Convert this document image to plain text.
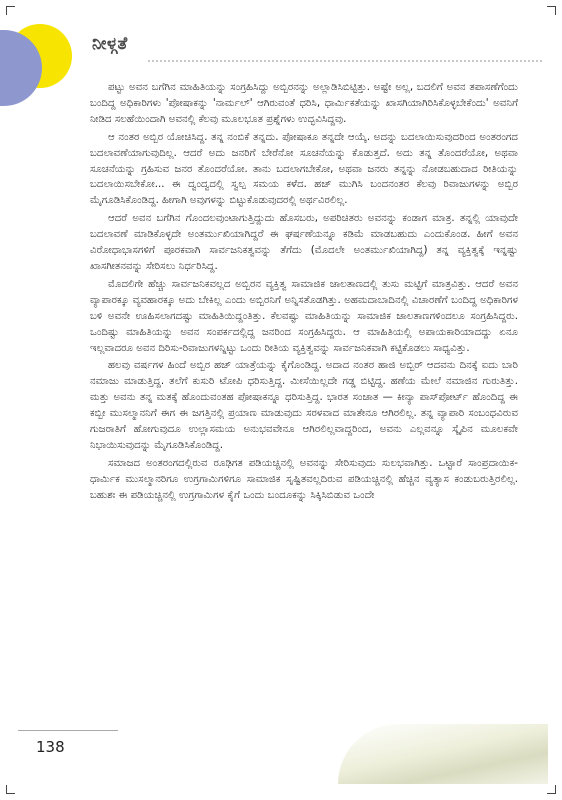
ನೀಳ್ಗತೆ

ಪಟ್ಟು ಅವನ ಬಗೆಗಿನ ಮಾಹಿತಿಯನ್ನು ಸಂಗ್ರಹಿಸಿದ್ದು ಅಬ್ಬಿರನನ್ನು ಅಲ್ಲಾಡಿಸಿಬಿಟ್ಟಿತ್ತು. ಅಷ್ಟೇ ಅಲ್ಲ, ಬದಲಿಗೆ ಅವನ ತಪಾಸಣೆಗೆಂದು ಬಂದಿದ್ದ ಅಧಿಕಾರಿಗಳು 'ಪೋಷಾಕನ್ನು 'ನಾರ್ಮಲ್' ಆಗಿರುವಂತೆ ಧರಿಸಿ, ಧಾರ್ಮಿಕತೆಯನ್ನು ಖಾಸಗಿಯಾಗಿರಿಸಿಕೊಳ್ಳಬೇಕೆಂದು' ಅವನಿಗೆ ನೀಡಿದ ಸಲಹೆಯಿಂದಾಗಿ ಅವನಲ್ಲಿ ಕೆಲವು ಮೂಲಭೂತ ಪ್ರಶ್ನೆಗಳು ಉದ್ಭವಿಸಿದ್ದವು.

ಆ ನಂತರ ಅಬ್ಬಿರ ಯೋಚಿಸಿದ್ದ. ತನ್ನ ನಂಬಿಕೆ ತನ್ನದು. ಪೋಷಾಕೂ ತನ್ನದೇ ಆಯ್ಕೆ. ಅದನ್ನು ಬದಲಾಯಿಸುವುದರಿಂದ ಅಂತರಂಗದ ಬದಲಾವಣೆಯಾಗುವುದಿಲ್ಲ. ಆದರೆ ಅದು ಜನರಿಗೆ ಬೇರೆನೋ ಸೂಚನೆಯನ್ನು ಕೊಡುತ್ತದೆ. ಅದು ತನ್ನ ತೊಂದರೆಯೋ, ಅಥವಾ ಸೂಚನೆಯನ್ನು ಗ್ರಹಿಸುವ ಜನರ ತೊಂದರೆಯೋ. ತಾನು ಬದಲಾಗಬೇಕೋ, ಅಥವಾ ಜನರು ತನ್ನನ್ನು ನೋಡಬಹುದಾದ ರೀತಿಯನ್ನು ಬದಲಾಯಿಸಬೇಕೋ... ಈ ದ್ವಂದ್ವದಲ್ಲಿ ಸ್ವಲ್ಪ ಸಮಯ ಕಳೆದ. ಹಜ್ ಮುಗಿಸಿ ಬಂದನಂತರ ಕೆಲವು ರಿವಾಜುಗಳನ್ನು ಅಬ್ಬಿರ ಮೈಗೂಡಿಸಿಕೊಂಡಿದ್ದ. ಹೀಗಾಗಿ ಅವುಗಳನ್ನು ಬಿಟ್ಟುಕೊಡುವುದರಲ್ಲಿ ಅರ್ಥವಿರಲಿಲ್ಲ.

ಆದರೆ ಅವನ ಬಗೆಗಿನ ಗೊಂದಲವುಂಟಾಗುತ್ತಿದ್ದುದು ಹೊಸಬರು, ಅಪರಿಚಿತರು ಅವನನ್ನು ಕಂಡಾಗ ಮಾತ್ರ. ತನ್ನಲ್ಲಿ ಯಾವುದೇ ಬದಲಾವಣೆ ಮಾಡಿಕೊಳ್ಳದೇ ಅಂತರ್ಮುಖಿಯಾಗಿದ್ದರೆ ಈ ಘರ್ಷಣೆಯನ್ನೂ ಕಡಿಮೆ ಮಾಡಬಹುದು ಎಂದುಕೊಂಡ. ಹೀಗೆ ಅವನ ವಿರೋಧಾಭಾಸಗಳಿಗೆ ಪೂರಕವಾಗಿ ಸಾರ್ವಜನಿಕತ್ವವನ್ನು ತೆಗೆದು (ಮೊದಲೇ ಅಂತರ್ಮುಖಿಯಾಗಿದ್ದ) ತನ್ನ ವ್ಯಕ್ತಿತ್ವಕ್ಕೆ ಇನ್ನಷ್ಟು ಖಾಸಗೀತನವನ್ನು ಸೇರಿಸಲು ನಿರ್ಧರಿಸಿದ್ದ.

ಮೊದಲಿಗೇ ಹೆಚ್ಚು ಸಾರ್ವಜನಿಕವಲ್ಲದ ಅಬ್ಬಿರನ ವ್ಯಕ್ತಿತ್ವ ಸಾಮಾಜಿಕ ಜಾಲತಾಣದಲ್ಲಿ ತುಸು ಮಟ್ಟಿಗೆ ಮಾತ್ರವಿತ್ತು. ಆದರೆ ಅವನ ವ್ಯಾಪಾರಕ್ಕೂ ವ್ಯವಹಾರಕ್ಕೂ ಅದು ಬೇಕಿಲ್ಲ ಎಂದು ಅಬ್ಬಿರನಿಗೆ ಅನ್ನಿಸತೊಡಗಿತ್ತು. ಅಹಮದಾಬಾದಿನಲ್ಲಿ ವಿಚಾರಣೆಗೆ ಬಂದಿದ್ದ ಅಧಿಕಾರಿಗಳ ಬಳಿ ಅವನೇ ಊಹಿಸಲಾಗದಷ್ಟು ಮಾಹಿತಿಯಿದ್ದಂತಿತ್ತು. ಕೆಲವಷ್ಟು ಮಾಹಿತಿಯನ್ನು ಸಾಮಾಜಿಕ ಜಾಲತಾಣಗಳಿಂದಲೂ ಸಂಗ್ರಹಿಸಿದ್ದರು. ಒಂದಿಷ್ಟು ಮಾಹಿತಿಯನ್ನು ಅವನ ಸಂಪರ್ಕದಲ್ಲಿದ್ದ ಜನರಿಂದ ಸಂಗ್ರಹಿಸಿದ್ದರು. ಆ ಮಾಹಿತಿಯಲ್ಲಿ ಅಪಾಯಕಾರಿಯಾದದ್ದು ಏನೂ ಇಲ್ಲವಾದರೂ ಅವನ ದಿರಿಸು-ರಿವಾಜುಗಳನ್ನಿಟ್ಟು ಒಂದು ರೀತಿಯ ವ್ಯಕ್ತಿತ್ವವನ್ನು ಸಾರ್ವಜನಿಕವಾಗಿ ಕಟ್ಟಿಕೊಡಲು ಸಾಧ್ಯವಿತ್ತು.

ಹಲವು ವರ್ಷಗಳ ಹಿಂದೆ ಅಬ್ಬಿರ ಹಜ್ ಯಾತ್ರೆಯನ್ನು ಕೈಗೊಂಡಿದ್ದ. ಅದಾದ ನಂತರ ಹಾಜಿ ಅಬ್ಬಿರ್ ಆದವನು ದಿನಕ್ಕೆ ಐದು ಬಾರಿ ನಮಾಜು ಮಾಡುತ್ತಿದ್ದ. ತಲೆಗೆ ಕುಸುರಿ ಟೋಪಿ ಧರಿಸುತ್ತಿದ್ದ. ಮೀಸೆಯಿಲ್ಲದೇ ಗಡ್ಡ ಬಿಟ್ಟಿದ್ದ. ಹಣೆಯ ಮೇಲೆ ನಮಾಜಿನ ಗುರುತಿತ್ತು. ಮತ್ತು ಅವನು ತನ್ನ ಮತಕ್ಕೆ ಹೊಂದುವಂತಹ ಪೋಷಾಕನ್ನೂ ಧರಿಸುತ್ತಿದ್ದ. ಭಾರತ ಸಂಜಾತ — ಕೀನ್ಯಾ ಪಾಸ್‌ಪೋರ್ಟ್ ಹೊಂದಿದ್ದ ಈ ಕಬ್ಬೀ ಮುಸಲ್ಮಾನನಿಗೆ ಈಗ ಈ ಜಗತ್ತಿನಲ್ಲಿ ಪ್ರಯಾಣ ಮಾಡುವುದು ಸರಳವಾದ ಮಾತೇನೂ ಆಗಿರಲಿಲ್ಲ. ತನ್ನ ವ್ಯಾಪಾರಿ ಸಂಬಂಧವಿರುವ ಗುಜರಾತಿಗೆ ಹೋಗುವುದೂ ಉಲ್ಲಾಸಮಯ ಅನುಭವವೇನೂ ಆಗಿರಲಿಲ್ಲವಾದ್ದರಿಂದ, ಅವನು ಎಲ್ಲವನ್ನೂ ಸ್ಕೈಪಿನ ಮೂಲಕವೇ ನಿಭಾಯಿಸುವುದನ್ನು ಮೈಗೂಡಿಸಿಕೊಂಡಿದ್ದ.

ಸಮಾಜದ ಅಂತರಂಗದಲ್ಲಿರುವ ರೂಢಿಗತ ಪಡಿಯಚ್ಚಿನಲ್ಲಿ ಅವನನ್ನು ಸೇರಿಸುವುದು ಸುಲಭವಾಗಿತ್ತು. ಒಟ್ಟಾರೆ ಸಾಂಪ್ರದಾಯಿಕ-ಧಾರ್ಮಿಕ ಮುಸಲ್ಮಾನರಿಗೂ ಉಗ್ರಗಾಮಿಗಳಿಗೂ ಸಾಮಾಜಿಕ ಸೃಷ್ಟಿತವಲ್ಲದಿರುವ ಪಡಿಯಚ್ಚಿನಲ್ಲಿ ಹೆಚ್ಚಿನ ವ್ಯತ್ಯಾಸ ಕಂಡುಬರುತ್ತಿರಲಿಲ್ಲ. ಬಹುಶಃ ಈ ಪಡಿಯಚ್ಚಿನಲ್ಲಿ ಉಗ್ರಗಾಮಿಗಳ ಕೈಗೆ ಒಂದು ಬಂದೂಕನ್ನು ಸಿಕ್ಕಿಸಿಬಿಡುವ ಒಂದೇ

138
